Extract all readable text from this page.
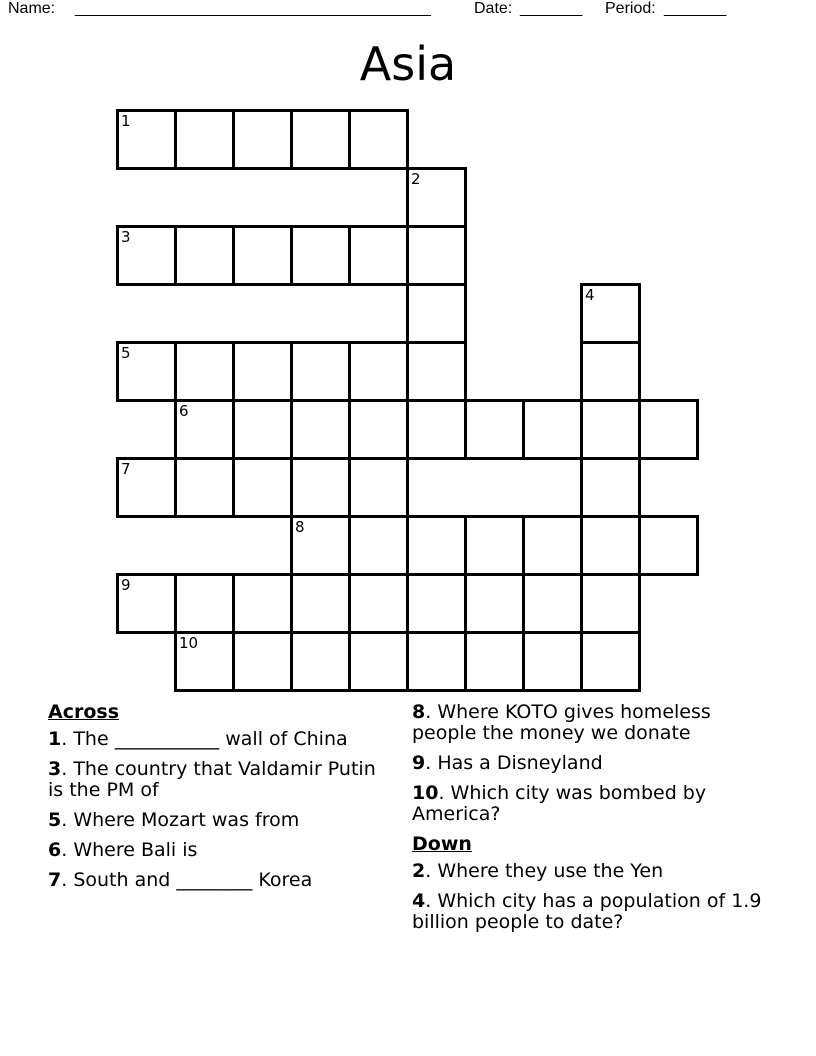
Name: ________________________________________	Date: _______ Period: _______
Asia
1
2
3
4
5
6
7
8
9
10
Across
1. The ___________ wall of China
3. The country that Valdamir Putin is the PM of
5. Where Mozart was from
6. Where Bali is
7. South and ________ Korea
8. Where KOTO gives homeless people the money we donate
9. Has a Disneyland
10. Which city was bombed by America?
Down
2. Where they use the Yen
4. Which city has a population of 1.9 billion people to date?
